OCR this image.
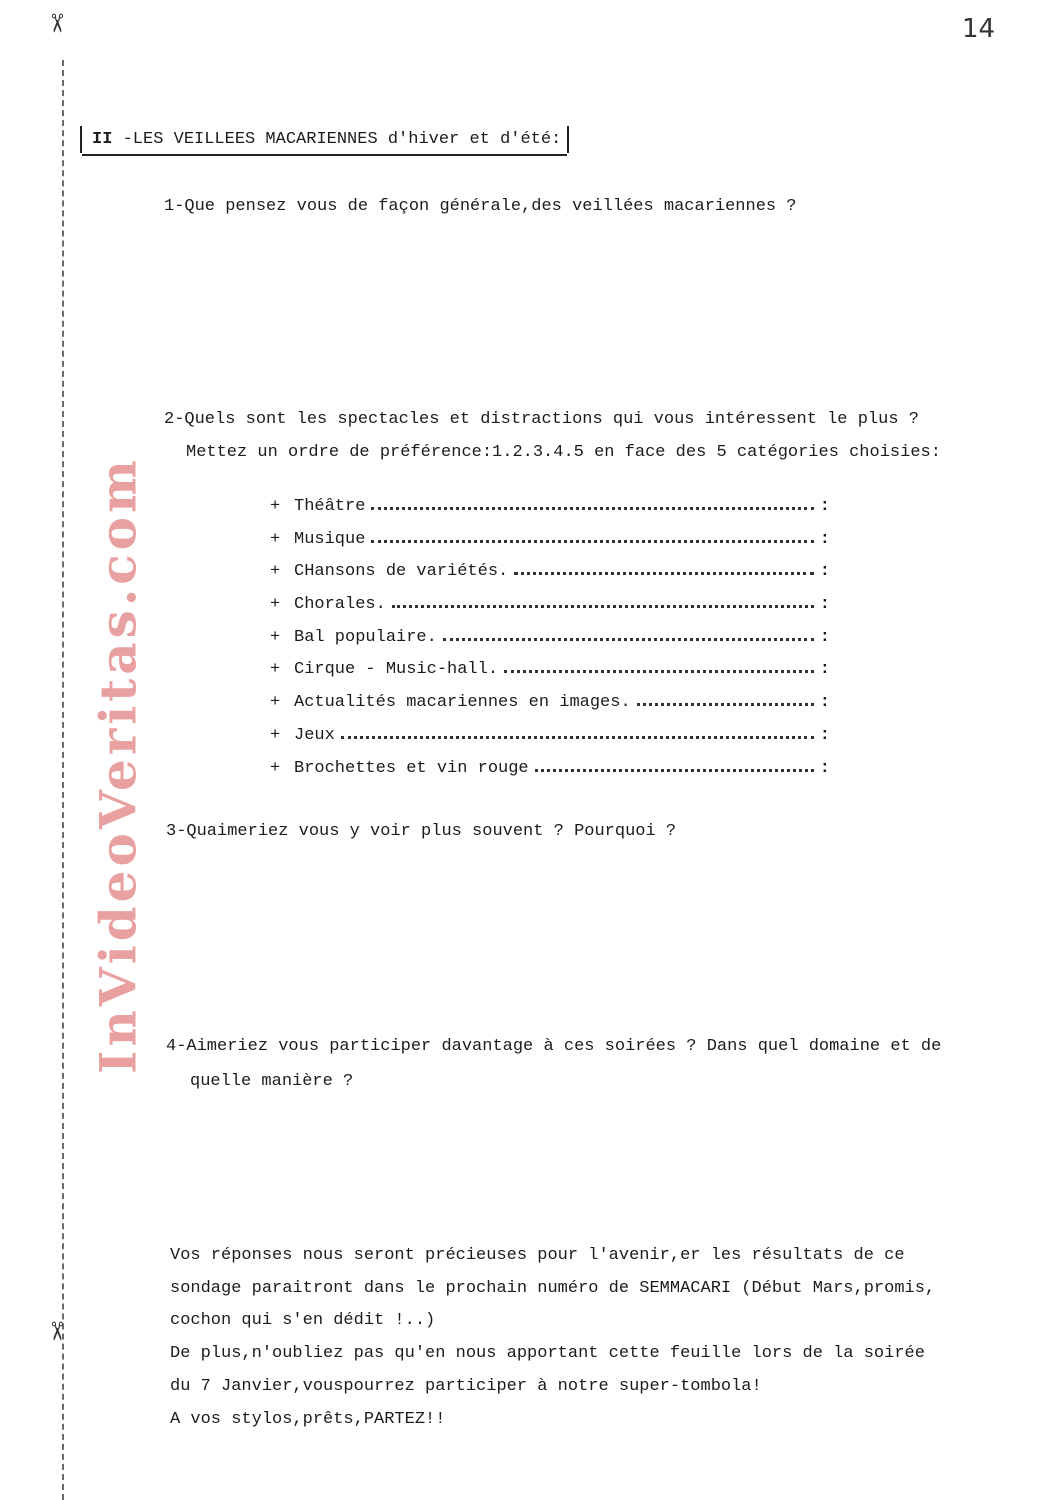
✂
✂
14
InVideoVeritas.com
II -LES VEILLEES MACARIENNES d'hiver et d'été:
1-Que pensez vous de façon générale,des veillées macariennes ?
2-Quels sont les spectacles et distractions qui vous intéressent le plus ?
Mettez un ordre de préférence:1.2.3.4.5 en face des 5 catégories choisies:
+ Théâtre	:
+ Musique	:
+ CHansons de variétés.	:
+ Chorales.	:
+ Bal populaire.	:
+ Cirque - Music-hall.	:
+ Actualités macariennes en images.	:
+ Jeux	:
+ Brochettes et vin rouge	:
3-Quaimeriez vous y voir plus souvent ? Pourquoi ?
4-Aimeriez vous participer davantage à ces soirées ? Dans quel domaine et de
quelle manière ?
Vos réponses nous seront précieuses pour l'avenir,er les résultats de ce
sondage paraitront dans le prochain numéro de SEMMACARI (Début Mars,promis,
cochon qui s'en dédit !..)
De plus,n'oubliez pas qu'en nous apportant cette feuille lors de la soirée
du 7 Janvier,vouspourrez participer à notre super-tombola!
A vos stylos,prêts,PARTEZ!!
